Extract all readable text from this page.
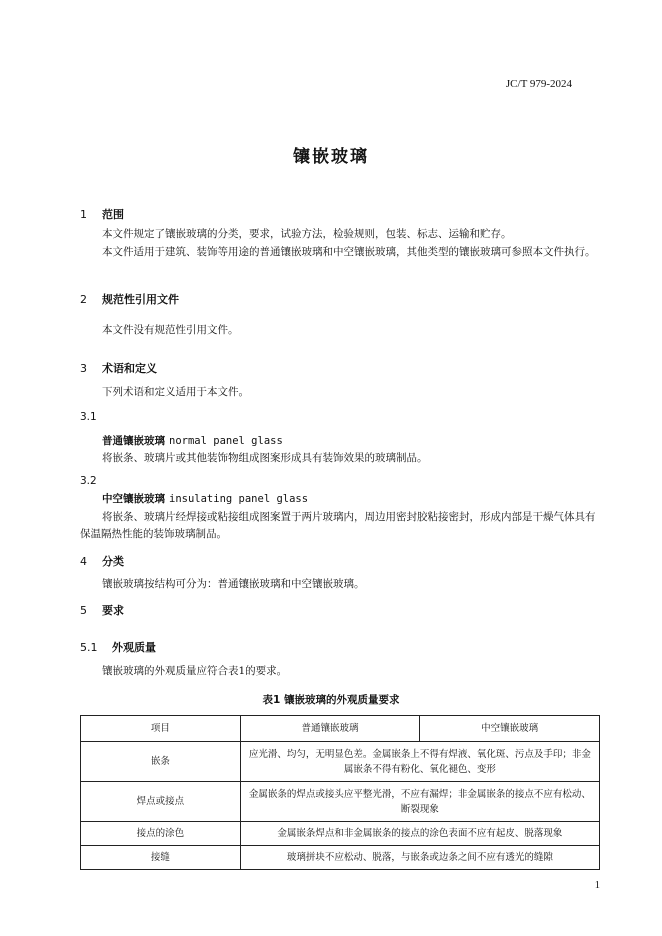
JC/T 979-2024
镶嵌玻璃
1 范围
本文件规定了镶嵌玻璃的分类，要求，试验方法，检验规则，包装、标志、运输和贮存。
本文件适用于建筑、装饰等用途的普通镶嵌玻璃和中空镶嵌玻璃，其他类型的镶嵌玻璃可参照本文件执行。
2 规范性引用文件
本文件没有规范性引用文件。
3 术语和定义
下列术语和定义适用于本文件。
3.1
普通镶嵌玻璃 normal panel glass
将嵌条、玻璃片或其他装饰物组成图案形成具有装饰效果的玻璃制品。
3.2
中空镶嵌玻璃 insulating panel glass
将嵌条、玻璃片经焊接或粘接组成图案置于两片玻璃内，周边用密封胶粘接密封，形成内部是干燥气体具有保温隔热性能的装饰玻璃制品。
4 分类
镶嵌玻璃按结构可分为：普通镶嵌玻璃和中空镶嵌玻璃。
5 要求
5.1 外观质量
镶嵌玻璃的外观质量应符合表1的要求。
表1 镶嵌玻璃的外观质量要求
项目	普通镶嵌玻璃	中空镶嵌玻璃
嵌条	应光滑、均匀，无明显色差。金属嵌条上不得有焊液、氧化斑、污点及手印；非金属嵌条不得有粉化、氧化褪色、变形	
焊点或接点	金属嵌条的焊点或接头应平整光滑，不应有漏焊；非金属嵌条的接点不应有松动、断裂现象	
接点的涂色	金属嵌条焊点和非金属嵌条的接点的涂色表面不应有起皮、脱落现象	
接缝	玻璃拼块不应松动、脱落，与嵌条或边条之间不应有透光的缝隙	
1
